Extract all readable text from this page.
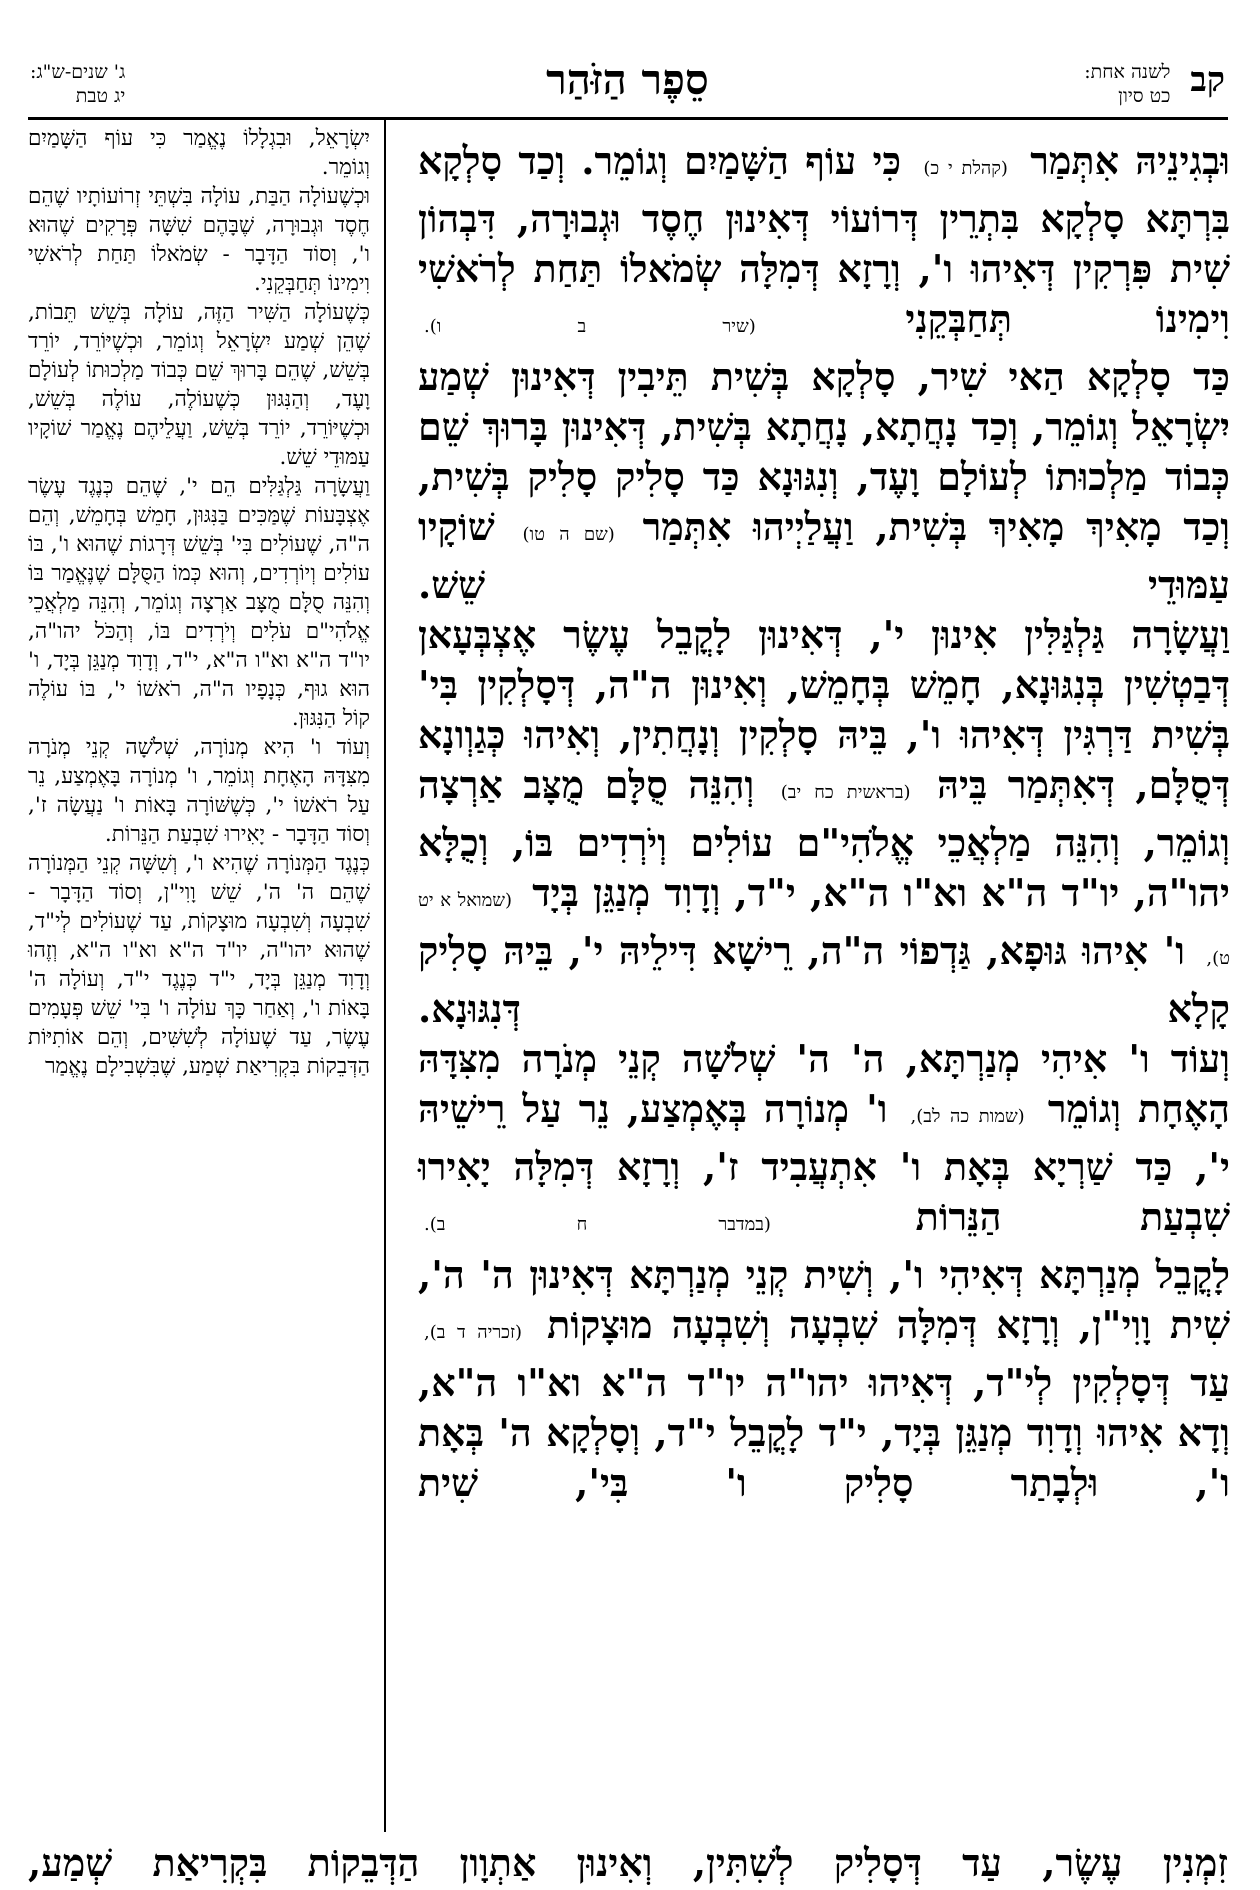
קב
לשנה אחת:
כט סיון
סֵפֶר הַזֹּהַר
ג' שנים-ש"ג:
יג טבת

וּבְגִינֵיהּ אִתְּמַר (קהלת י כ) כִּי עוֹף הַשָּׁמַיִם וְגוֹמֵר. וְכַד סָלְקָא בִּרְתָּא סָלְקָא בִּתְרֵין דְּרוֹעוֹי דְּאִינוּן חֶסֶד וּגְבוּרָה, דִּבְהוֹן שִׁית פִּרְקִין דְּאִיהוּ ו', וְרָזָא דְּמִלָּה שְׂמֹאלוֹ תַּחַת לְרֹאשִׁי וִימִינוֹ תְּחַבְּקֵנִי (שיר ב ו).

כַּד סָלְקָא הַאי שִׁיר, סָלְקָא בְּשִׁית תֵּיבִין דְּאִינוּן שְׁמַע יִשְׂרָאֵל וְגוֹמֵר, וְכַד נָחֲתָא, נָחֲתָא בְּשִׁית, דְּאִינוּן בָּרוּךְ שֵׁם כְּבוֹד מַלְכוּתוֹ לְעוֹלָם וָעֶד, וְנִגּוּנָא כַּד סָלִיק סָלִיק בְּשִׁית, וְכַד מָאִיךְ מָאִיךְ בְּשִׁית, וַעֲלַיְיהוּ אִתְּמַר (שם ה טו) שׁוֹקָיו עַמּוּדֵי שֵׁשׁ.

וַעֲשָׂרָה גַּלְגַּלִּין אִינוּן י', דְּאִינוּן לָקֳבֵל עֶשֶׂר אֶצְבְּעָאן דְּבַטְשִׁין בְּנִגּוּנָא, חָמֵשׁ בְּחָמֵשׁ, וְאִינוּן ה"ה, דְּסָלְקִין בִּי' בְּשִׁית דַּרְגִּין דְּאִיהוּ ו', בֵּיהּ סָלְקִין וְנָחֲתִין, וְאִיהוּ כְּגַוְונָא דְּסֻלָּם, דְּאִתְּמַר בֵּיהּ (בראשית כח יב) וְהִנֵּה סֻלָּם מֻצָּב אַרְצָה וְגוֹמֵר, וְהִנֵּה מַלְאֲכֵי אֱלֹהִי"ם עוֹלִים וְיֹרְדִים בּוֹ, וְכֻלָּא יהו"ה, יו"ד ה"א וא"ו ה"א, י"ד, וְדָוִד מְנַגֵּן בְּיָד (שמואל א יט ט), ו' אִיהוּ גּוּפָא, גַּדְפוֹי ה"ה, רֵישָׁא דִּילֵיהּ י', בֵּיהּ סָלִיק קָלָא דְּנִגּוּנָא.

וְעוֹד ו' אִיהִי מְנַרְתָּא, ה' ה' שְׁלֹשָׁה קְנֵי מְנֹרָה מִצִּדָּהּ הָאֶחָת וְגוֹמֵר (שמות כה לב), ו' מְנוֹרָה בְּאֶמְצַע, נֵר עַל רֵישֵׁיהּ י', כַּד שַׁרְיָא בְּאָת ו' אִתְעֲבִיד ז', וְרָזָא דְּמִלָּה יָאִירוּ שִׁבְעַת הַנֵּרוֹת (במדבר ח ב).

לָקֳבֵל מְנַרְתָּא דְּאִיהִי ו', וְשִׁית קְנֵי מְנַרְתָּא דְּאִינוּן ה' ה', שִׁית וָוִי"ן, וְרָזָא דְּמִלָּה שִׁבְעָה וְשִׁבְעָה מוּצָקוֹת (זכריה ד ב), עַד דְּסָלְקִין לְי"ד, דְּאִיהוּ יהו"ה יו"ד ה"א וא"ו ה"א, וְדָא אִיהוּ וְדָוִד מְנַגֵּן בְּיָד, י"ד לָקֳבֵל י"ד, וְסָלְקָא ה' בְּאָת ו', וּלְבָתַר סָלִיק ו' בִּי', שִׁית

יִשְׂרָאֵל, וּבִגְלָלוֹ נֶאֱמַר כִּי עוֹף הַשָּׁמַיִם וְגוֹמֵר.

וּכְשֶׁעוֹלָה הַבַּת, עוֹלָה בִּשְׁתֵּי זְרוֹעוֹתָיו שֶׁהֵם חֶסֶד וּגְבוּרָה, שֶׁבָּהֶם שִׁשָּׁה פְּרָקִים שֶׁהוּא ו', וְסוֹד הַדָּבָר - שְׂמֹאלוֹ תַּחַת לְרֹאשִׁי וִימִינוֹ תְּחַבְּקֵנִי.

כְּשֶׁעוֹלָה הַשִּׁיר הַזֶּה, עוֹלָה בְּשֵׁשׁ תֵּבוֹת, שֶׁהֵן שְׁמַע יִשְׂרָאֵל וְגוֹמֵר, וּכְשֶׁיּוֹרֵד, יוֹרֵד בְּשֵׁשׁ, שֶׁהֵם בָּרוּךְ שֵׁם כְּבוֹד מַלְכוּתוֹ לְעוֹלָם וָעֶד, וְהַנִּגּוּן כְּשֶׁעוֹלֶה, עוֹלֶה בְּשֵׁשׁ, וּכְשֶׁיּוֹרֵד, יוֹרֵד בְּשֵׁשׁ, וַעֲלֵיהֶם נֶאֱמַר שׁוֹקָיו עַמּוּדֵי שֵׁשׁ.

וַעֲשָׂרָה גַּלְגַּלִּים הֵם י', שֶׁהֵם כְּנֶגֶד עֶשֶׂר אֶצְבָּעוֹת שֶׁמַּכִּים בַּנִּגּוּן, חָמֵשׁ בְּחָמֵשׁ, וְהֵם ה"ה, שֶׁעוֹלִים בִּי' בְּשֵׁשׁ דְּרָגוֹת שֶׁהוּא ו', בּוֹ עוֹלִים וְיוֹרְדִים, וְהוּא כְּמוֹ הַסֻּלָּם שֶׁנֶּאֱמַר בּוֹ וְהִנֵּה סֻלָּם מֻצָּב אַרְצָה וְגוֹמֵר, וְהִנֵּה מַלְאֲכֵי אֱלֹהִי"ם עֹלִים וְיֹרְדִים בּוֹ, וְהַכֹּל יהו"ה, יו"ד ה"א וא"ו ה"א, י"ד, וְדָוִד מְנַגֵּן בְּיָד, ו' הוּא גוּף, כְּנָפָיו ה"ה, רֹאשׁוֹ י', בּוֹ עוֹלֶה קוֹל הַנִּגּוּן.

וְעוֹד ו' הִיא מְנוֹרָה, שְׁלֹשָׁה קְנֵי מְנֹרָה מִצִּדָּהּ הָאֶחָת וְגוֹמֵר, ו' מְנוֹרָה בָּאֶמְצַע, נֵר עַל רֹאשׁוֹ י', כְּשֶׁשּׁוֹרָה בָּאוֹת ו' נַעֲשָׂה ז', וְסוֹד הַדָּבָר - יָאִירוּ שִׁבְעַת הַנֵּרוֹת.

כְּנֶגֶד הַמְּנוֹרָה שֶׁהִיא ו', וְשִׁשָּׁה קְנֵי הַמְּנוֹרָה שֶׁהֵם ה' ה', שֵׁשׁ וָוִי"ן, וְסוֹד הַדָּבָר - שִׁבְעָה וְשִׁבְעָה מוּצָקוֹת, עַד שֶׁעוֹלִים לְי"ד, שֶׁהוּא יהו"ה, יו"ד ה"א וא"ו ה"א, וְזֶהוּ וְדָוִד מְנַגֵּן בְּיָד, י"ד כְּנֶגֶד י"ד, וְעוֹלָה ה' בָּאוֹת ו', וְאַחַר כָּךְ עוֹלָה ו' בִּי' שֵׁשׁ פְּעָמִים עֶשֶׂר, עַד שֶׁעוֹלָה לְשִׁשִּׁים, וְהֵם אוֹתִיּוֹת הַדְּבֵקוֹת בִּקְרִיאַת שְׁמַע, שֶׁבִּשְׁבִילָם נֶאֱמַר

זִמְנִין עֶשֶׂר, עַד דְּסָלִיק לְשִׁתִּין, וְאִינוּן אַתְוָון הַדְּבֵקוֹת בִּקְרִיאַת שְׁמַע,
